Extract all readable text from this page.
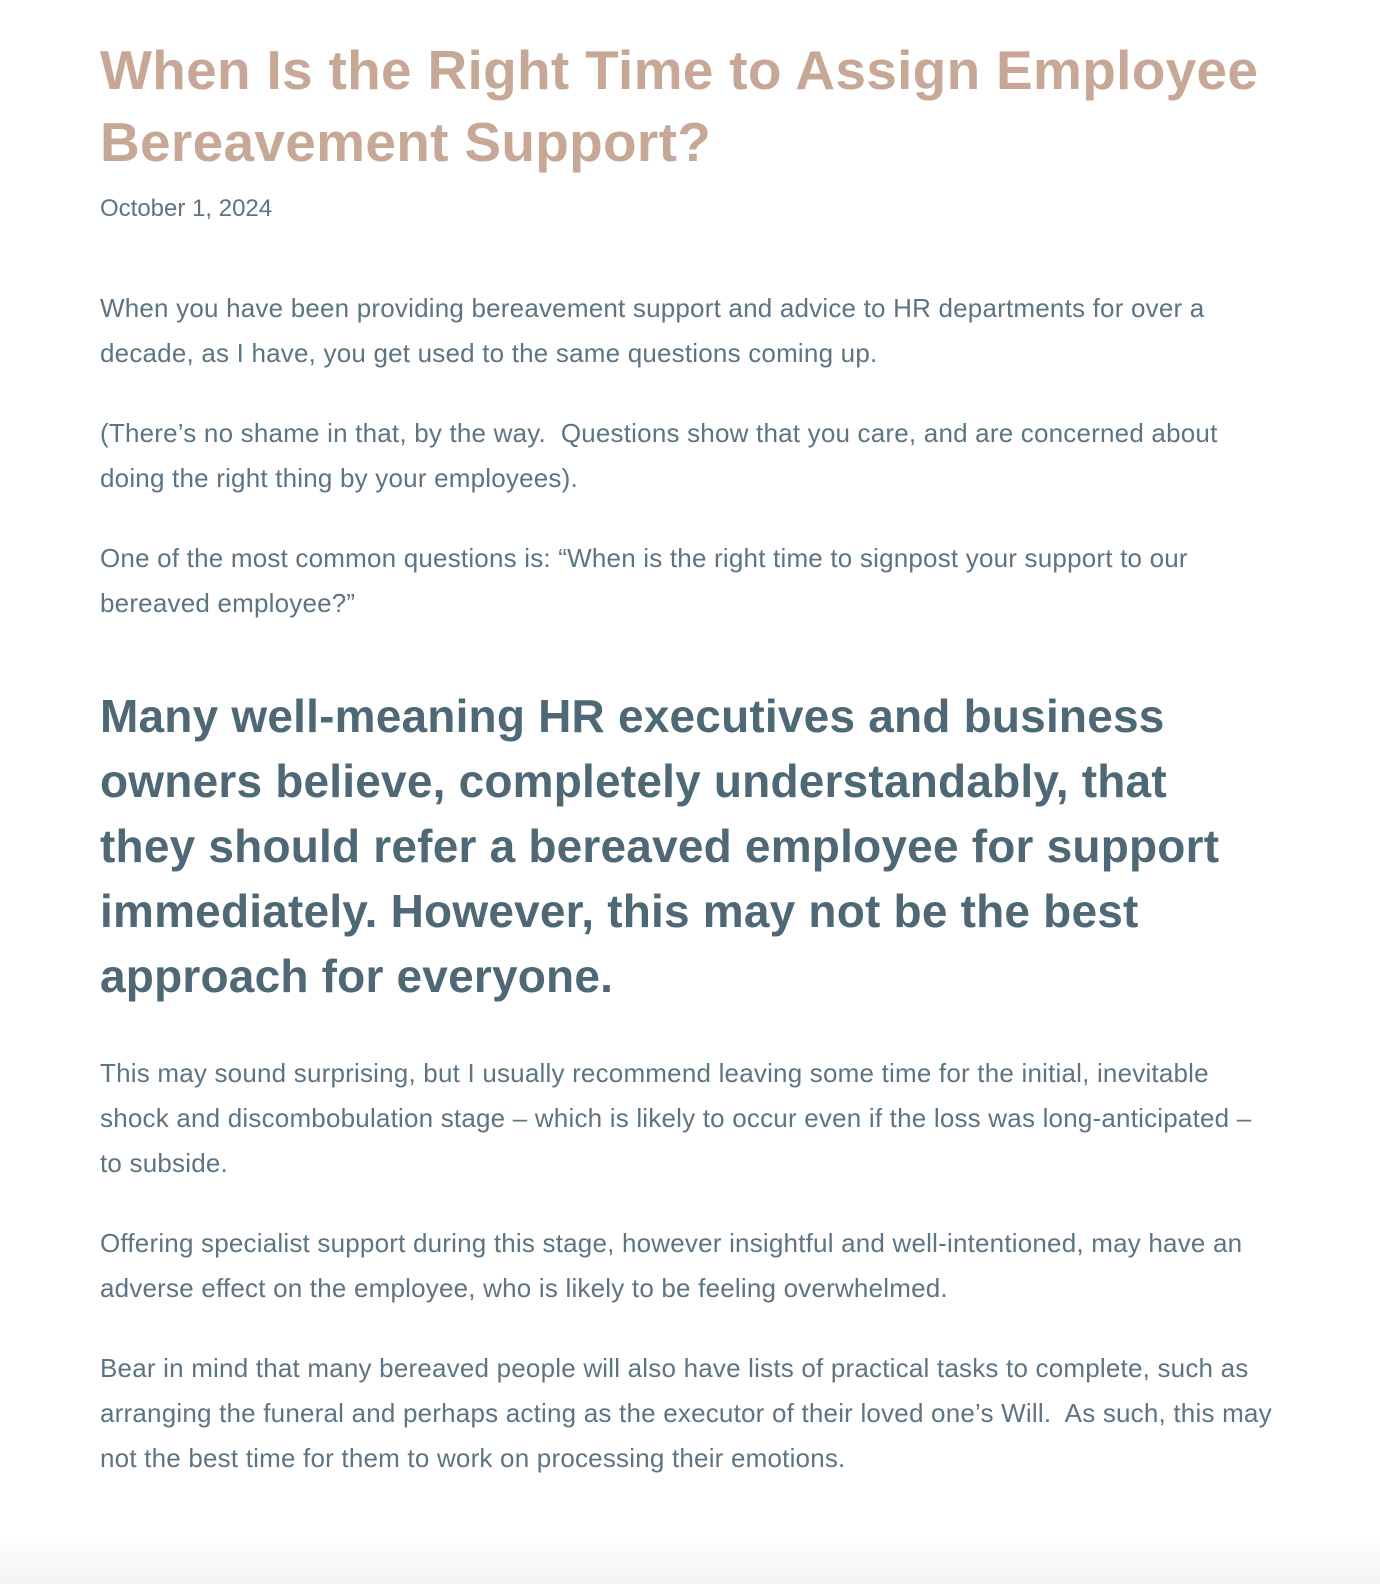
When Is the Right Time to Assign Employee Bereavement Support?
October 1, 2024

When you have been providing bereavement support and advice to HR departments for over a decade, as I have, you get used to the same questions coming up.

(There’s no shame in that, by the way.  Questions show that you care, and are concerned about doing the right thing by your employees).

One of the most common questions is: “When is the right time to signpost your support to our bereaved employee?”

Many well-meaning HR executives and business owners believe, completely understandably, that they should refer a bereaved employee for support immediately. However, this may not be the best approach for everyone.

This may sound surprising, but I usually recommend leaving some time for the initial, inevitable shock and discombobulation stage – which is likely to occur even if the loss was long-anticipated – to subside.

Offering specialist support during this stage, however insightful and well-intentioned, may have an adverse effect on the employee, who is likely to be feeling overwhelmed.

Bear in mind that many bereaved people will also have lists of practical tasks to complete, such as arranging the funeral and perhaps acting as the executor of their loved one’s Will.  As such, this may not the best time for them to work on processing their emotions.
